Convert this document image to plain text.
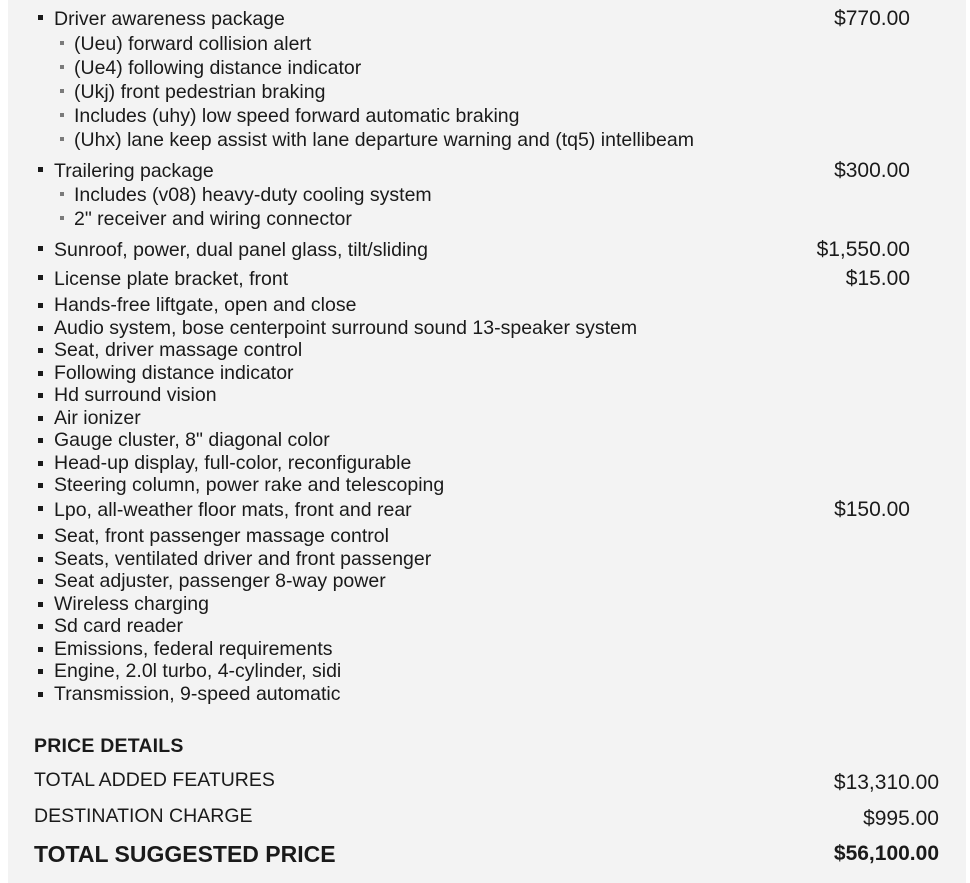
Driver awareness package	$770.00
(Ueu) forward collision alert
(Ue4) following distance indicator
(Ukj) front pedestrian braking
Includes (uhy) low speed forward automatic braking
(Uhx) lane keep assist with lane departure warning and (tq5) intellibeam
Trailering package	$300.00
Includes (v08) heavy-duty cooling system
2" receiver and wiring connector
Sunroof, power, dual panel glass, tilt/sliding	$1,550.00
License plate bracket, front	$15.00
Hands-free liftgate, open and close
Audio system, bose centerpoint surround sound 13-speaker system
Seat, driver massage control
Following distance indicator
Hd surround vision
Air ionizer
Gauge cluster, 8" diagonal color
Head-up display, full-color, reconfigurable
Steering column, power rake and telescoping
Lpo, all-weather floor mats, front and rear	$150.00
Seat, front passenger massage control
Seats, ventilated driver and front passenger
Seat adjuster, passenger 8-way power
Wireless charging
Sd card reader
Emissions, federal requirements
Engine, 2.0l turbo, 4-cylinder, sidi
Transmission, 9-speed automatic
PRICE DETAILS
TOTAL ADDED FEATURES	$13,310.00
DESTINATION CHARGE	$995.00
TOTAL SUGGESTED PRICE	$56,100.00
